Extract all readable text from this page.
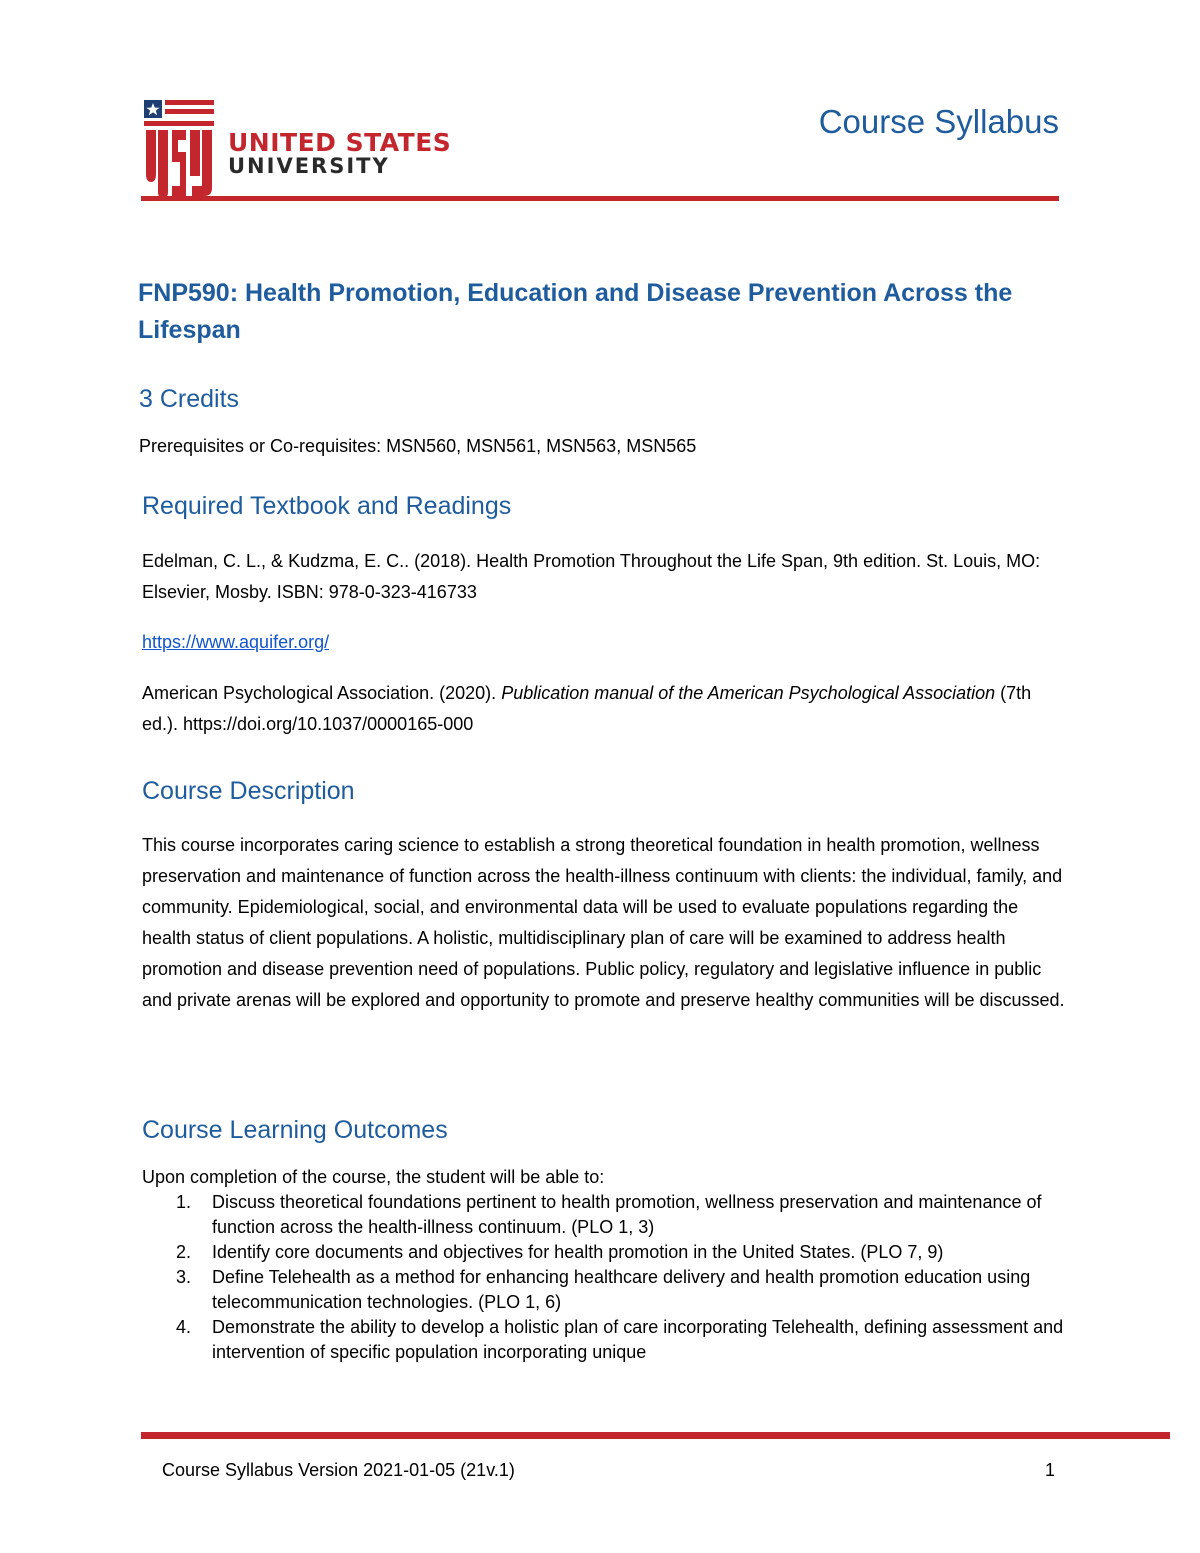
UNITED STATES
UNIVERSITY
Course Syllabus
FNP590: Health Promotion, Education and Disease Prevention Across the Lifespan
3 Credits
Prerequisites or Co-requisites: MSN560, MSN561, MSN563, MSN565
Required Textbook and Readings
Edelman, C. L., & Kudzma, E. C.. (2018). Health Promotion Throughout the Life Span, 9th edition. St. Louis, MO: Elsevier, Mosby. ISBN: 978-0-323-416733
https://www.aquifer.org/
American Psychological Association. (2020). Publication manual of the American Psychological Association (7th ed.). https://doi.org/10.1037/0000165-000
Course Description
This course incorporates caring science to establish a strong theoretical foundation in health promotion, wellness preservation and maintenance of function across the health-illness continuum with clients: the individual, family, and community. Epidemiological, social, and environmental data will be used to evaluate populations regarding the health status of client populations. A holistic, multidisciplinary plan of care will be examined to address health promotion and disease prevention need of populations. Public policy, regulatory and legislative influence in public and private arenas will be explored and opportunity to promote and preserve healthy communities will be discussed.
Course Learning Outcomes
Upon completion of the course, the student will be able to:
1. Discuss theoretical foundations pertinent to health promotion, wellness preservation and maintenance of function across the health-illness continuum. (PLO 1, 3)
2. Identify core documents and objectives for health promotion in the United States. (PLO 7, 9)
3. Define Telehealth as a method for enhancing healthcare delivery and health promotion education using telecommunication technologies. (PLO 1, 6)
4. Demonstrate the ability to develop a holistic plan of care incorporating Telehealth, defining assessment and intervention of specific population incorporating unique
Course Syllabus Version 2021-01-05 (21v.1)	1
